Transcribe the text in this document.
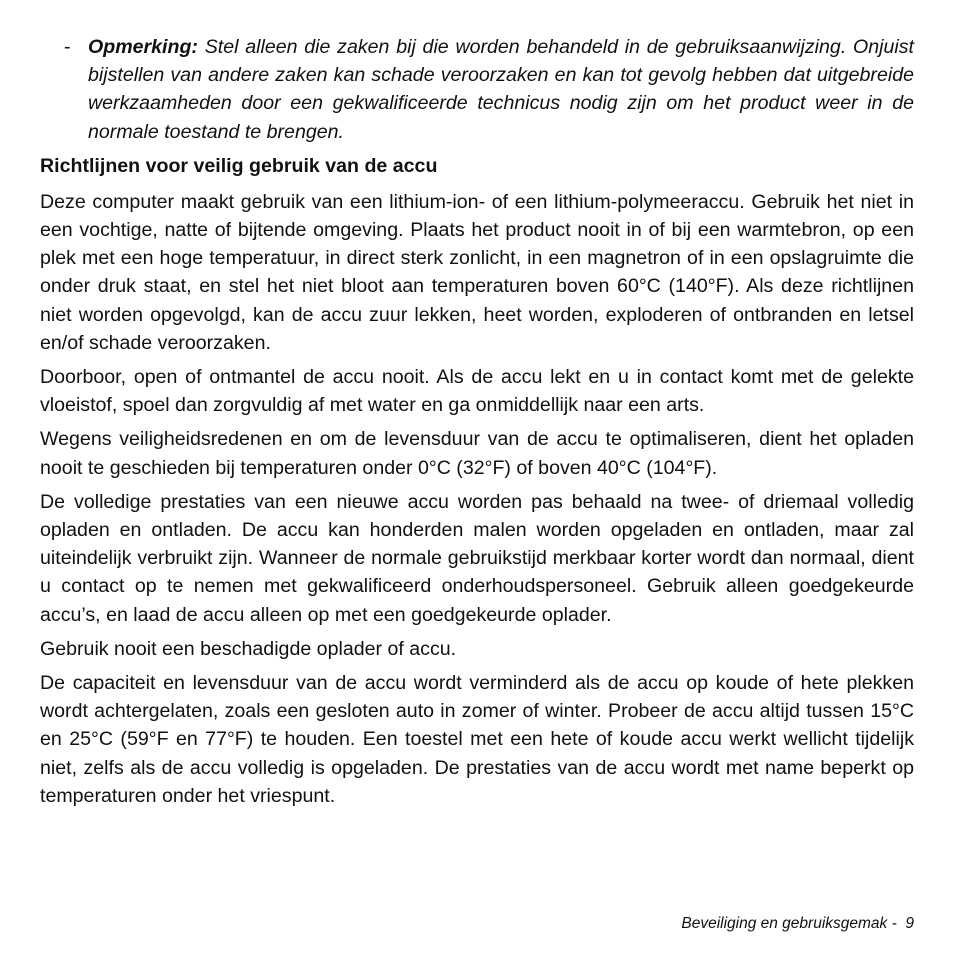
- Opmerking: Stel alleen die zaken bij die worden behandeld in de gebruiksaanwijzing. Onjuist bijstellen van andere zaken kan schade veroorzaken en kan tot gevolg hebben dat uitgebreide werkzaamheden door een gekwalificeerde technicus nodig zijn om het product weer in de normale toestand te brengen.
Richtlijnen voor veilig gebruik van de accu

Deze computer maakt gebruik van een lithium-ion- of een lithium-polymeeraccu. Gebruik het niet in een vochtige, natte of bijtende omgeving. Plaats het product nooit in of bij een warmtebron, op een plek met een hoge temperatuur, in direct sterk zonlicht, in een magnetron of in een opslagruimte die onder druk staat, en stel het niet bloot aan temperaturen boven 60°C (140°F). Als deze richtlijnen niet worden opgevolgd, kan de accu zuur lekken, heet worden, exploderen of ontbranden en letsel en/of schade veroorzaken.

Doorboor, open of ontmantel de accu nooit. Als de accu lekt en u in contact komt met de gelekte vloeistof, spoel dan zorgvuldig af met water en ga onmiddellijk naar een arts.

Wegens veiligheidsredenen en om de levensduur van de accu te optimaliseren, dient het opladen nooit te geschieden bij temperaturen onder 0°C (32°F) of boven 40°C (104°F).

De volledige prestaties van een nieuwe accu worden pas behaald na twee- of driemaal volledig opladen en ontladen. De accu kan honderden malen worden opgeladen en ontladen, maar zal uiteindelijk verbruikt zijn. Wanneer de normale gebruikstijd merkbaar korter wordt dan normaal, dient u contact op te nemen met gekwalificeerd onderhoudspersoneel. Gebruik alleen goedgekeurde accu’s, en laad de accu alleen op met een goedgekeurde oplader.

Gebruik nooit een beschadigde oplader of accu.

De capaciteit en levensduur van de accu wordt verminderd als de accu op koude of hete plekken wordt achtergelaten, zoals een gesloten auto in zomer of winter. Probeer de accu altijd tussen 15°C en 25°C (59°F en 77°F) te houden. Een toestel met een hete of koude accu werkt wellicht tijdelijk niet, zelfs als de accu volledig is opgeladen. De prestaties van de accu wordt met name beperkt op temperaturen onder het vriespunt.

Beveiliging en gebruiksgemak -  9
